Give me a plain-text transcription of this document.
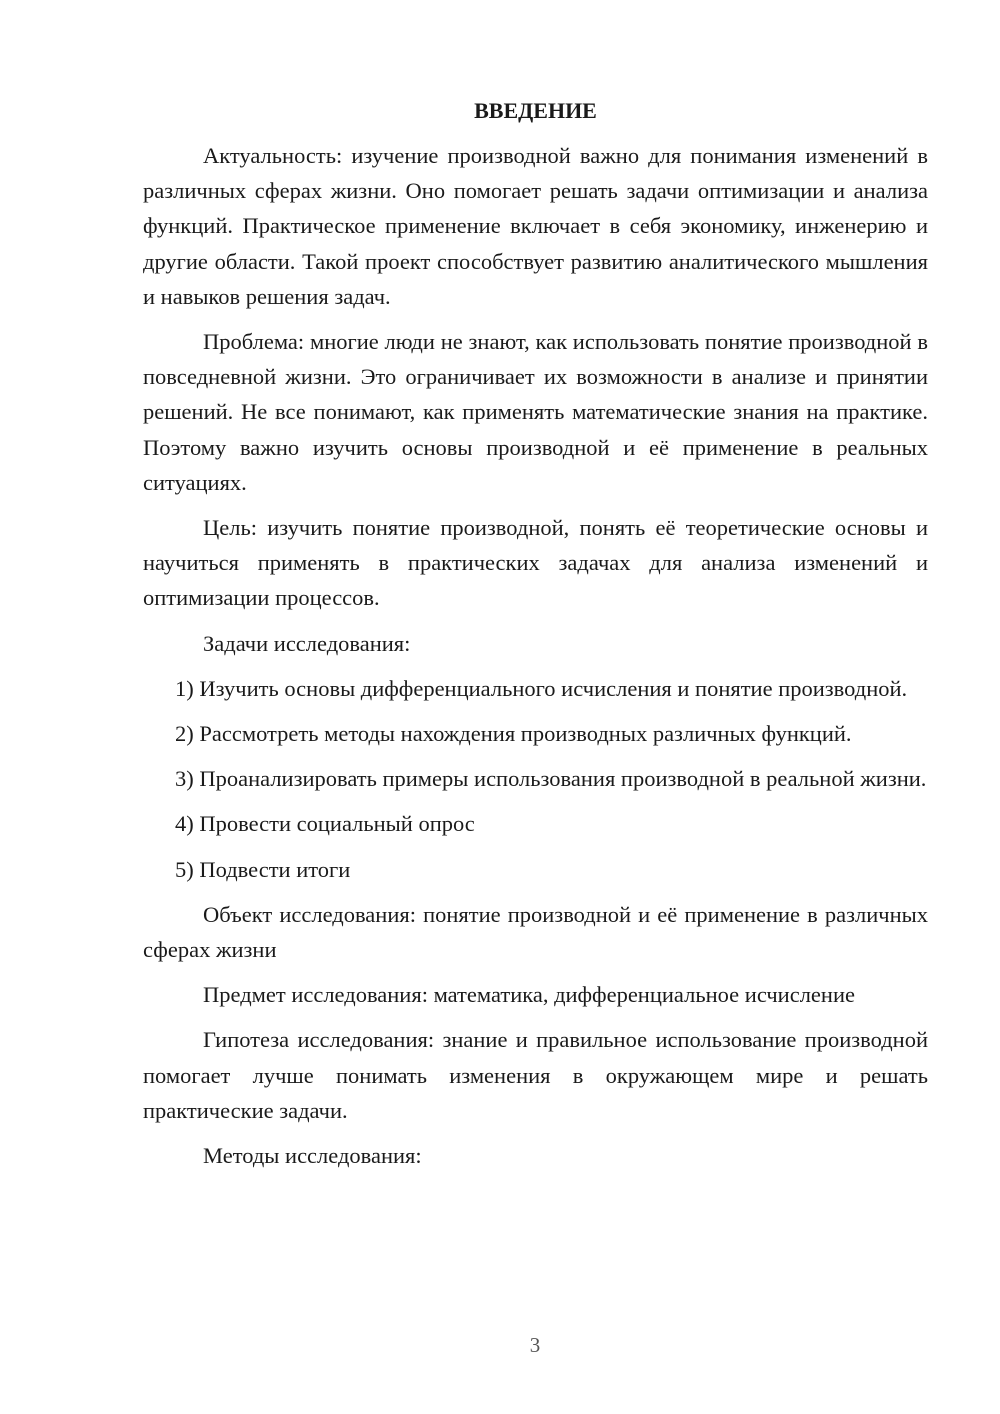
ВВЕДЕНИЕ

Актуальность: изучение производной важно для понимания изменений в различных сферах жизни. Оно помогает решать задачи оптимизации и анализа функций. Практическое применение включает в себя экономику, инженерию и другие области. Такой проект способствует развитию аналитического мышления и навыков решения задач.

Проблема: многие люди не знают, как использовать понятие производной в повседневной жизни. Это ограничивает их возможности в анализе и принятии решений. Не все понимают, как применять математические знания на практике. Поэтому важно изучить основы производной и её применение в реальных ситуациях.

Цель: изучить понятие производной, понять её теоретические основы и научиться применять в практических задачах для анализа изменений и оптимизации процессов.

Задачи исследования:

1) Изучить основы дифференциального исчисления и понятие производной.

2) Рассмотреть методы нахождения производных различных функций.

3) Проанализировать примеры использования производной в реальной жизни.

4) Провести социальный опрос

5) Подвести итоги

Объект исследования: понятие производной и её применение в различных сферах жизни

Предмет исследования: математика, дифференциальное исчисление

Гипотеза исследования: знание и правильное использование производной помогает лучше понимать изменения в окружающем мире и решать практические задачи.

Методы исследования:

3
